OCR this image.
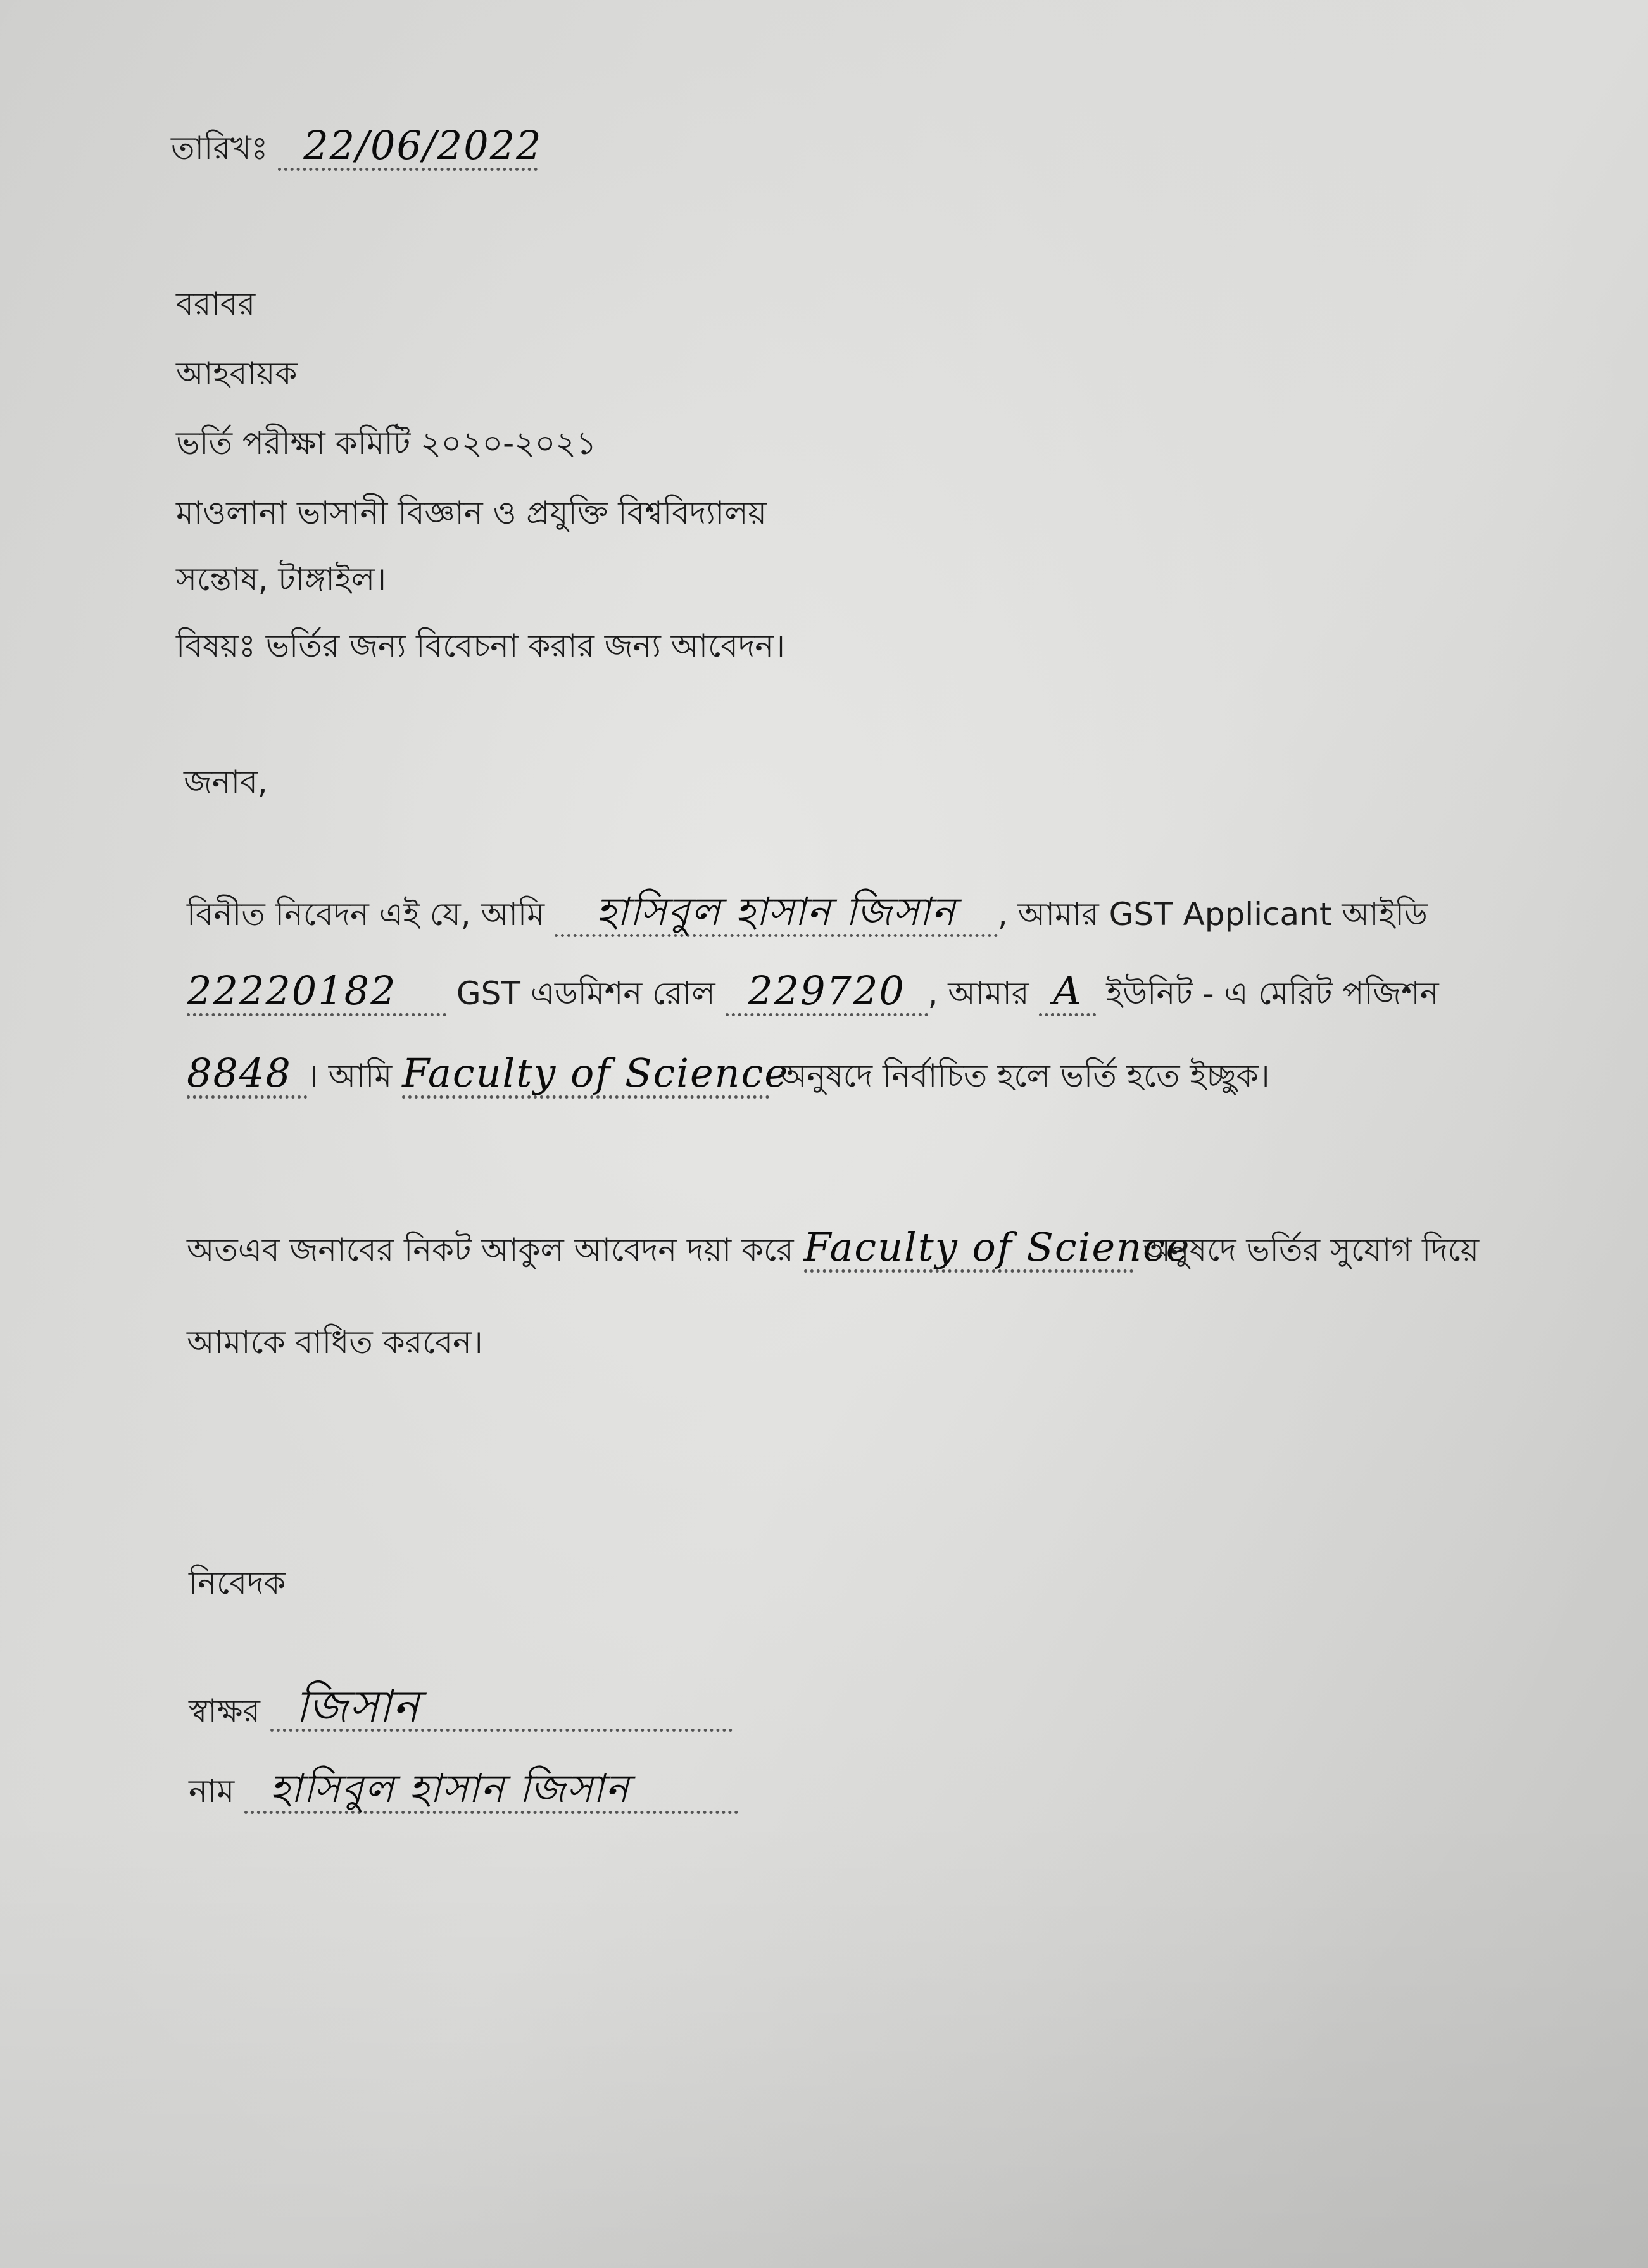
তারিখঃ 22/06/2022
বরাবর
আহবায়ক
ভর্তি পরীক্ষা কমিটি ২০২০-২০২১
মাওলানা ভাসানী বিজ্ঞান ও প্রযুক্তি বিশ্ববিদ্যালয়
সন্তোষ, টাঙ্গাইল।
বিষয়ঃ ভর্তির জন্য বিবেচনা করার জন্য আবেদন।
জনাব,
বিনীত নিবেদন এই যে, আমি হাসিবুল হাসান জিসান , আমার GST Applicant আইডি
22220182 GST এডমিশন রোল 229720 , আমার A ইউনিট - এ মেরিট পজিশন
8848 । আমি Faculty of Science অনুষদে নির্বাচিত হলে ভর্তি হতে ইচ্ছুক।
অতএব জনাবের নিকট আকুল আবেদন দয়া করে Faculty of Science অনুষদে ভর্তির সুযোগ দিয়ে
আমাকে বাধিত করবেন।
নিবেদক
স্বাক্ষর জিসান
নাম হাসিবুল হাসান জিসান
